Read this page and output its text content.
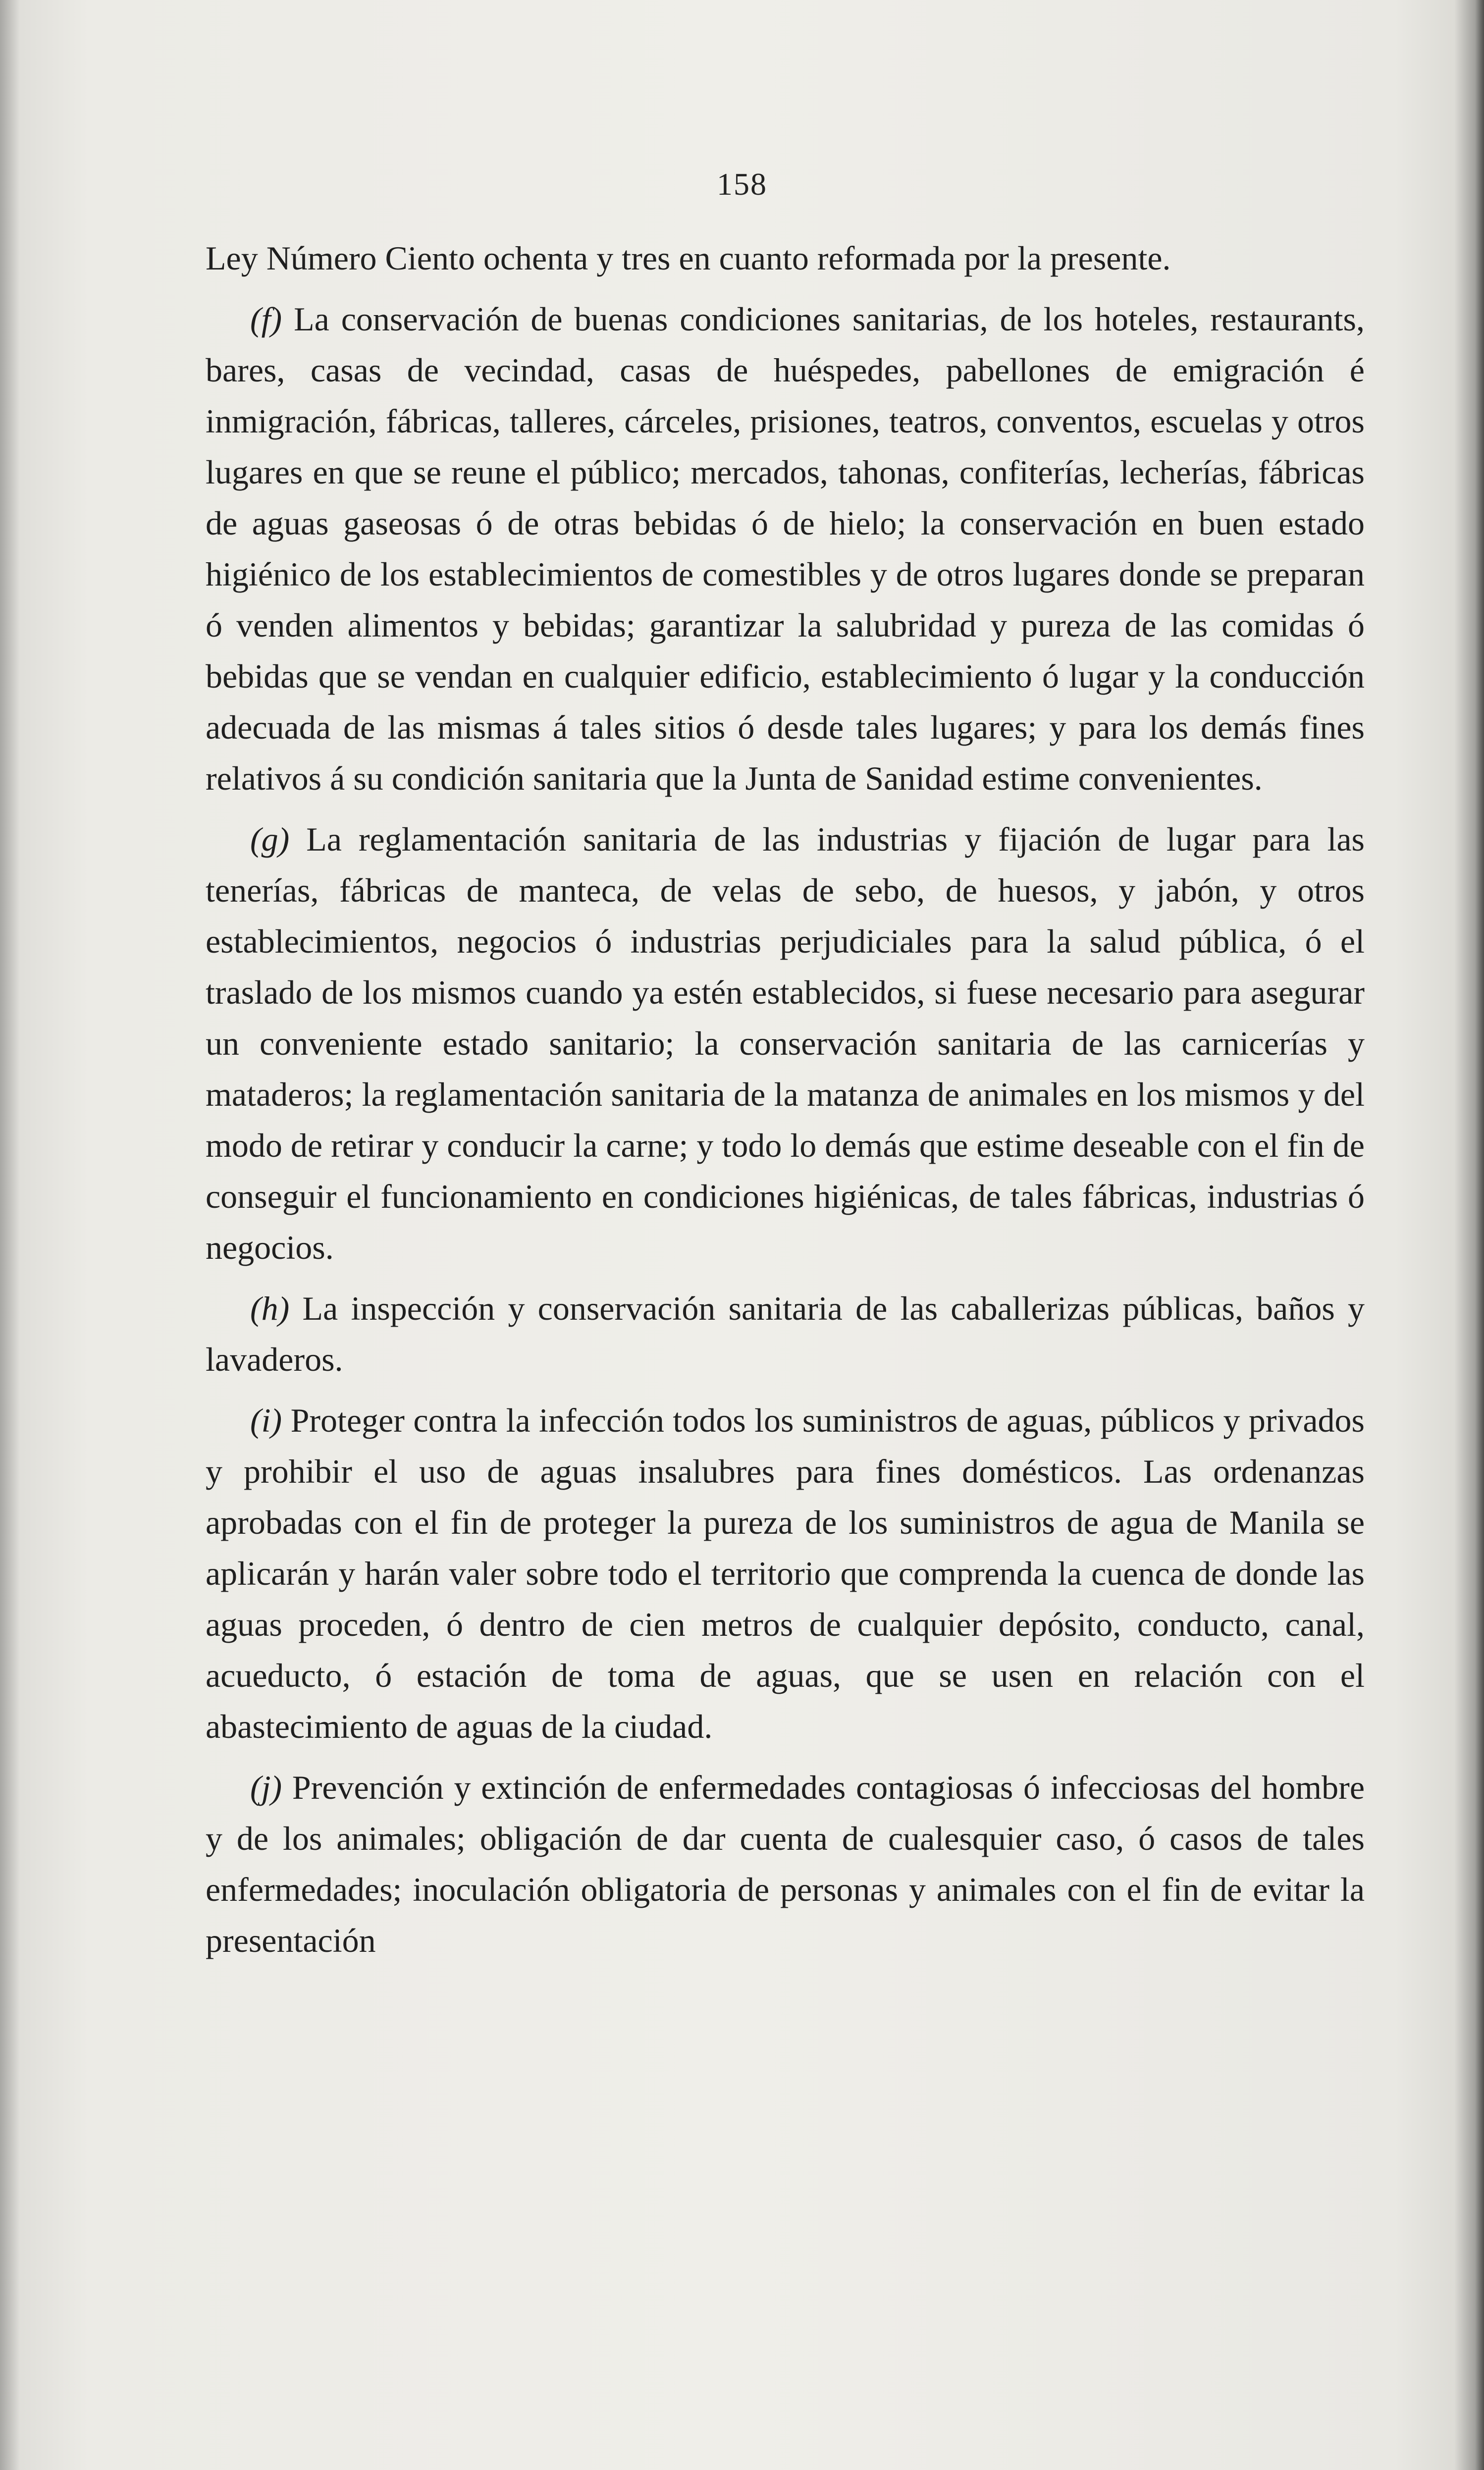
158

Ley Número Ciento ochenta y tres en cuanto reformada por la presente.

(f) La conservación de buenas condiciones sanitarias, de los hoteles, restaurants, bares, casas de vecindad, casas de huéspedes, pabellones de emigración é inmigración, fábricas, talleres, cárceles, prisiones, teatros, conventos, escuelas y otros lugares en que se reune el público; mercados, tahonas, confiterías, lecherías, fábricas de aguas gaseosas ó de otras bebidas ó de hielo; la conservación en buen estado higiénico de los establecimientos de comestibles y de otros lugares donde se preparan ó venden alimentos y bebidas; garantizar la salubridad y pureza de las comidas ó bebidas que se vendan en cualquier edificio, establecimiento ó lugar y la conducción adecuada de las mismas á tales sitios ó desde tales lugares; y para los demás fines relativos á su condición sanitaria que la Junta de Sanidad estime convenientes.

(g) La reglamentación sanitaria de las industrias y fijación de lugar para las tenerías, fábricas de manteca, de velas de sebo, de huesos, y jabón, y otros establecimientos, negocios ó industrias perjudiciales para la salud pública, ó el traslado de los mismos cuando ya estén establecidos, si fuese necesario para asegurar un conveniente estado sanitario; la conservación sanitaria de las carnicerías y mataderos; la reglamentación sanitaria de la matanza de animales en los mismos y del modo de retirar y conducir la carne; y todo lo demás que estime deseable con el fin de conseguir el funcionamiento en condiciones higiénicas, de tales fábricas, industrias ó negocios.

(h) La inspección y conservación sanitaria de las caballerizas públicas, baños y lavaderos.

(i) Proteger contra la infección todos los suministros de aguas, públicos y privados y prohibir el uso de aguas insalubres para fines domésticos. Las ordenanzas aprobadas con el fin de proteger la pureza de los suministros de agua de Manila se aplicarán y harán valer sobre todo el territorio que comprenda la cuenca de donde las aguas proceden, ó dentro de cien metros de cualquier depósito, conducto, canal, acueducto, ó estación de toma de aguas, que se usen en relación con el abastecimiento de aguas de la ciudad.

(j) Prevención y extinción de enfermedades contagiosas ó infecciosas del hombre y de los animales; obligación de dar cuenta de cualesquier caso, ó casos de tales enfermedades; inoculación obligatoria de personas y animales con el fin de evitar la presentación
